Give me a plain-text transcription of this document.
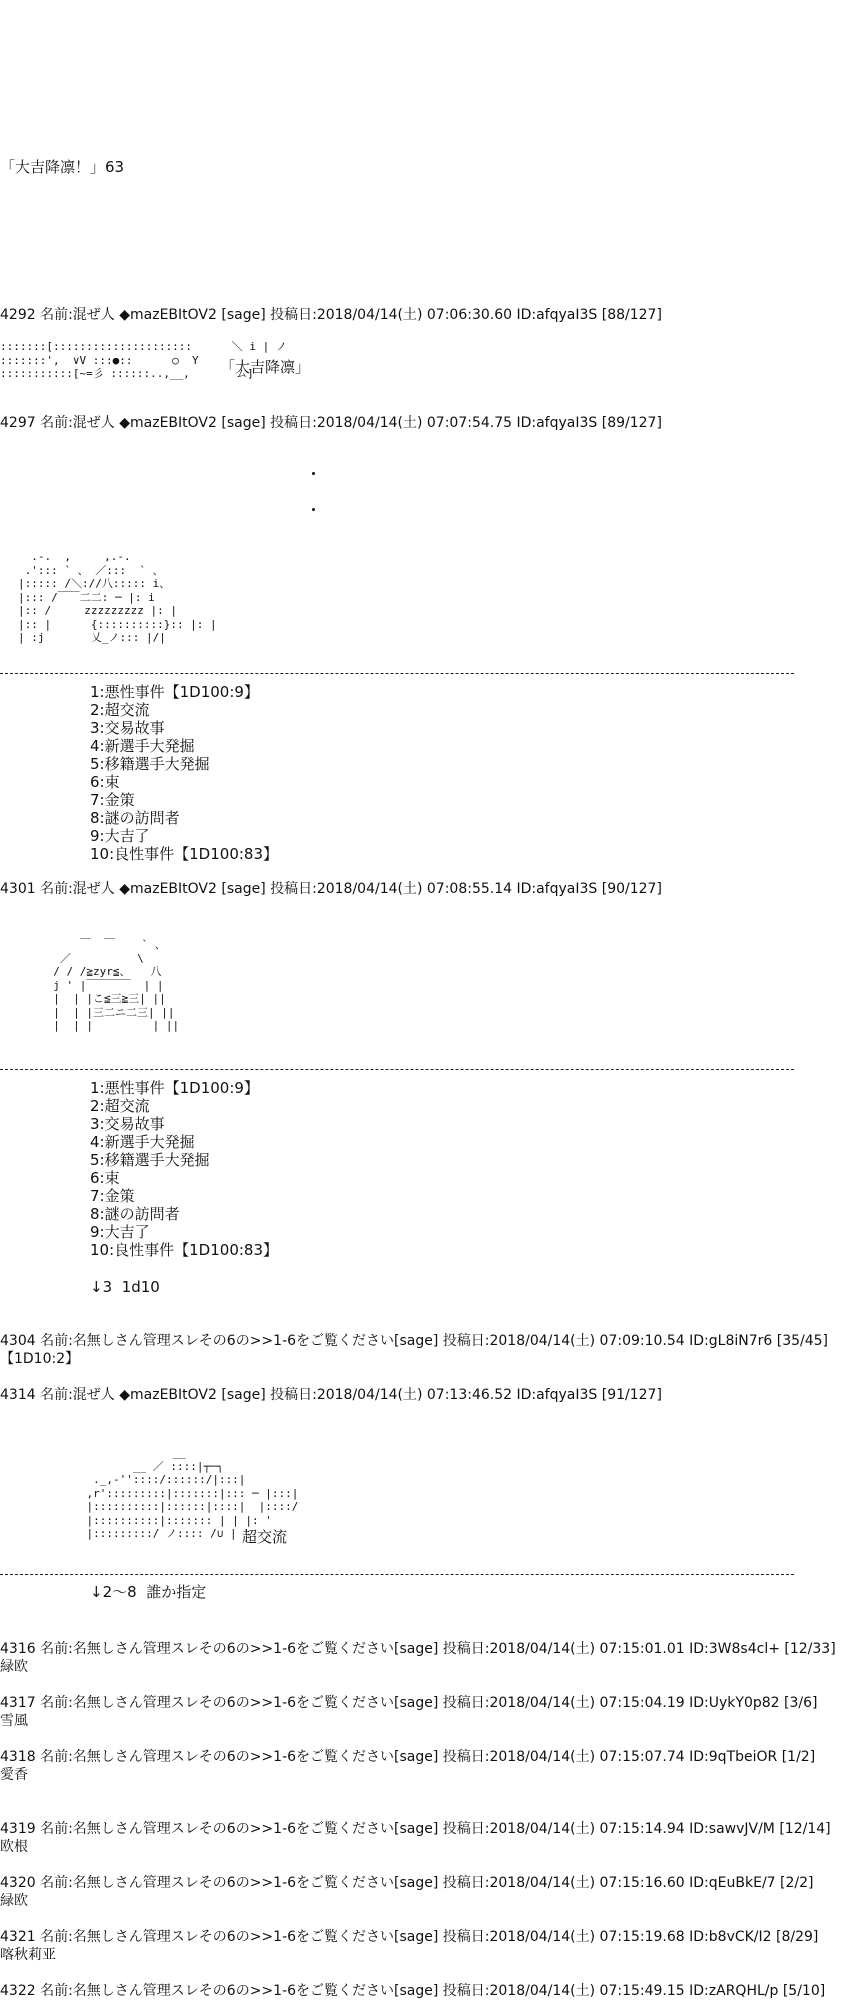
「大吉降凛！」63
4292 名前:混ぜ人 ◆mazEBItOV2 [sage] 投稿日:2018/04/14(土) 07:06:30.60 ID:afqyaI3S [88/127]
:::::::[:::::::::::::::::::::      ＼ i | ノ
:::::::',  ∨V :::●::      ○  Y
:::::::::::[~=彡 ::::::..,__,       ム]
「大吉降凛」
4297 名前:混ぜ人 ◆mazEBItOV2 [sage] 投稿日:2018/04/14(土) 07:07:54.75 ID:afqyaI3S [89/127]
.-.  ,     ,.-.
.'::: ` 、 ／:::  ` 、
|::::: /＼://八::::: i、
|::: /￣￣二二: ─ |: i
|:: /     zzzzzzzzz |: |
|:: |      {::::::::::}:: |: |
| :j       乂_ノ::: |/|
1:悪性事件【1D100:9】
2:超交流
3:交易故事
4:新選手大発掘
5:移籍選手大発掘
6:束
7:金策
8:謎の訪問者
9:大吉了
10:良性事件【1D100:83】
4301 名前:混ぜ人 ◆mazEBItOV2 [sage] 投稿日:2018/04/14(土) 07:08:55.14 ID:afqyaI3S [90/127]
￣  ￣    ` 、
／          \
/ / /≧zyr≦、   八
j ' |￣￣￣￣  | |
|  | |こ≦三≧三| ||
|  | |三二ニ二三| ||
|  | |         | ||
1:悪性事件【1D100:9】
2:超交流
3:交易故事
4:新選手大発掘
5:移籍選手大発掘
6:束
7:金策
8:謎の訪問者
9:大吉了
10:良性事件【1D100:83】
↓3  1d10
4304 名前:名無しさん管理スレその6の>>1-6をご覧ください[sage] 投稿日:2018/04/14(土) 07:09:10.54 ID:gL8iN7r6 [35/45]
【1D10:2】
4314 名前:混ぜ人 ◆mazEBItOV2 [sage] 投稿日:2018/04/14(土) 07:13:46.52 ID:afqyaI3S [91/127]
__
__ ／ ::::|┬─┐
._,-''::::/::::::/|:::|
,r':::::::::|:::::::|::: ─ |:::|
|::::::::::|::::::|::::|  |::::/
|::::::::::|::::::: | | |: '
|:::::::::/ ノ:::: /∪ | '
超交流
↓2～8  誰か指定
4316 名前:名無しさん管理スレその6の>>1-6をご覧ください[sage] 投稿日:2018/04/14(土) 07:15:01.01 ID:3W8s4cl+ [12/33]
緑欧
4317 名前:名無しさん管理スレその6の>>1-6をご覧ください[sage] 投稿日:2018/04/14(土) 07:15:04.19 ID:UykY0p82 [3/6]
雪風
4318 名前:名無しさん管理スレその6の>>1-6をご覧ください[sage] 投稿日:2018/04/14(土) 07:15:07.74 ID:9qTbeiOR [1/2]
愛香
4319 名前:名無しさん管理スレその6の>>1-6をご覧ください[sage] 投稿日:2018/04/14(土) 07:15:14.94 ID:sawvJV/M [12/14]
欧根
4320 名前:名無しさん管理スレその6の>>1-6をご覧ください[sage] 投稿日:2018/04/14(土) 07:15:16.60 ID:qEuBkE/7 [2/2]
緑欧
4321 名前:名無しさん管理スレその6の>>1-6をご覧ください[sage] 投稿日:2018/04/14(土) 07:15:19.68 ID:b8vCK/I2 [8/29]
喀秋莉亚
4322 名前:名無しさん管理スレその6の>>1-6をご覧ください[sage] 投稿日:2018/04/14(土) 07:15:49.15 ID:zARQHL/p [5/10]
